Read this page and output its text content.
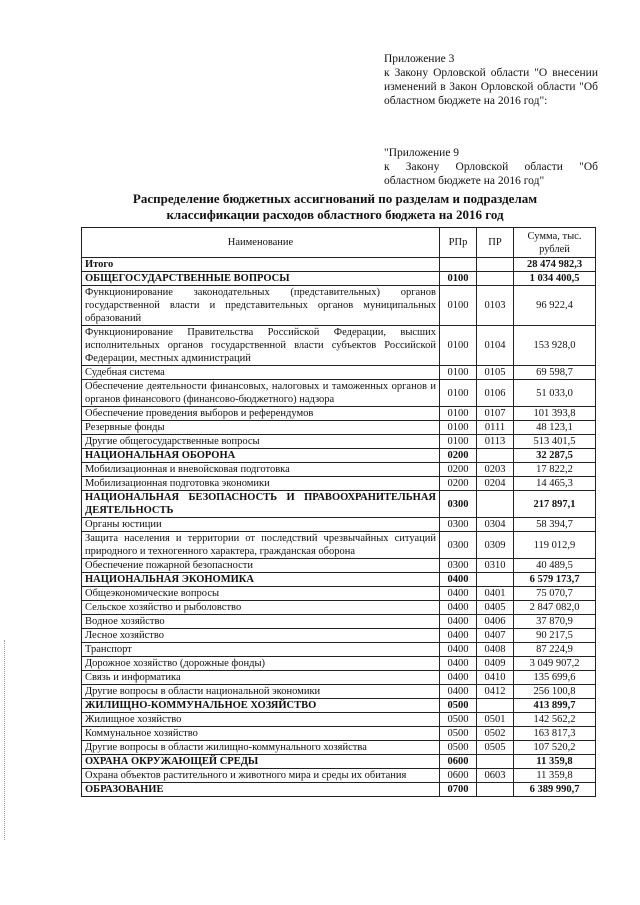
Приложение 3

к Закону Орловской области "О внесении изменений в Закон Орловской области "Об областном бюджете на 2016 год":

"Приложение 9

к Закону Орловской области "Об областном бюджете на 2016 год"

Распределение бюджетных ассигнований по разделам и подразделам

классификации расходов областного бюджета на 2016 год

Наименование	РПр	ПР	Сумма, тыс. рублей
Итого			28 474 982,3
ОБЩЕГОСУДАРСТВЕННЫЕ ВОПРОСЫ	0100		1 034 400,5
Функционирование законодательных (представительных) органов государственной власти и представительных органов муниципальных образований	0100	0103	96 922,4
Функционирование Правительства Российской Федерации, высших исполнительных органов государственной власти субъектов Российской Федерации, местных администраций	0100	0104	153 928,0
Судебная система	0100	0105	69 598,7
Обеспечение деятельности финансовых, налоговых и таможенных органов и органов финансового (финансово-бюджетного) надзора	0100	0106	51 033,0
Обеспечение проведения выборов и референдумов	0100	0107	101 393,8
Резервные фонды	0100	0111	48 123,1
Другие общегосударственные вопросы	0100	0113	513 401,5
НАЦИОНАЛЬНАЯ ОБОРОНА	0200		32 287,5
Мобилизационная и вневойсковая подготовка	0200	0203	17 822,2
Мобилизационная подготовка экономики	0200	0204	14 465,3
НАЦИОНАЛЬНАЯ БЕЗОПАСНОСТЬ И ПРАВООХРАНИТЕЛЬНАЯ ДЕЯТЕЛЬНОСТЬ	0300		217 897,1
Органы юстиции	0300	0304	58 394,7
Защита населения и территории от последствий чрезвычайных ситуаций природного и техногенного характера, гражданская оборона	0300	0309	119 012,9
Обеспечение пожарной безопасности	0300	0310	40 489,5
НАЦИОНАЛЬНАЯ ЭКОНОМИКА	0400		6 579 173,7
Общеэкономические вопросы	0400	0401	75 070,7
Сельское хозяйство и рыболовство	0400	0405	2 847 082,0
Водное хозяйство	0400	0406	37 870,9
Лесное хозяйство	0400	0407	90 217,5
Транспорт	0400	0408	87 224,9
Дорожное хозяйство (дорожные фонды)	0400	0409	3 049 907,2
Связь и информатика	0400	0410	135 699,6
Другие вопросы в области национальной экономики	0400	0412	256 100,8
ЖИЛИЩНО-КОММУНАЛЬНОЕ ХОЗЯЙСТВО	0500		413 899,7
Жилищное хозяйство	0500	0501	142 562,2
Коммунальное хозяйство	0500	0502	163 817,3
Другие вопросы в области жилищно-коммунального хозяйства	0500	0505	107 520,2
ОХРАНА ОКРУЖАЮЩЕЙ СРЕДЫ	0600		11 359,8
Охрана объектов растительного и животного мира и среды их обитания	0600	0603	11 359,8
ОБРАЗОВАНИЕ	0700		6 389 990,7
